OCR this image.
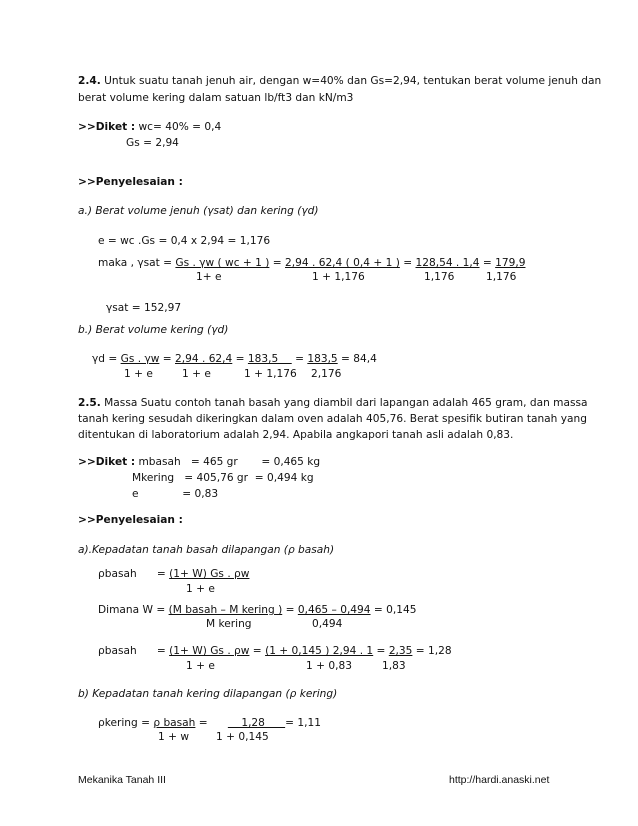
2.4. Untuk suatu tanah jenuh air, dengan w=40% dan Gs=2,94, tentukan berat volume jenuh dan
berat volume kering dalam satuan lb/ft3 dan kN/m3
>>Diket : wc= 40% = 0,4
Gs = 2,94
>>Penyelesaian :
a.) Berat volume jenuh (γsat) dan kering (γd)
e = wc .Gs = 0,4 x 2,94 = 1,176
maka , γsat = Gs . γw ( wc + 1 ) = 2,94 . 62,4 ( 0,4 + 1 ) = 128,54 . 1,4 = 179,9
1+ e	1 + 1,176	1,176	1,176
γsat = 152,97
b.) Berat volume kering (γd)
γd = Gs . γw = 2,94 . 62,4 = 183,5     = 183,5 = 84,4
1 + e	1 + e	1 + 1,176 2,176
2.5. Massa Suatu contoh tanah basah yang diambil dari lapangan adalah 465 gram, dan massa
tanah kering sesudah dikeringkan dalam oven adalah 405,76. Berat spesifik butiran tanah yang
ditentukan di laboratorium adalah 2,94. Apabila angkapori tanah asli adalah 0,83.
>>Diket : mbasah   = 465 gr       = 0,465 kg
Mkering   = 405,76 gr  = 0,494 kg
e             = 0,83
>>Penyelesaian :
a).Kepadatan tanah basah dilapangan (ρ basah)
ρbasah      = (1+ W) Gs . ρw
1 + e
Dimana W = (M basah – M kering ) = 0,465 – 0,494 = 0,145
M kering	0,494
ρbasah      = (1+ W) Gs . ρw = (1 + 0,145 ) 2,94 . 1 = 2,35 = 1,28
1 + e	1 + 0,83	1,83
b) Kepadatan tanah kering dilapangan (ρ kering)
ρkering = ρ basah =          1,28      = 1,11
1 + w	1 + 0,145
Mekanika Tanah III	http://hardi.anaski.net
